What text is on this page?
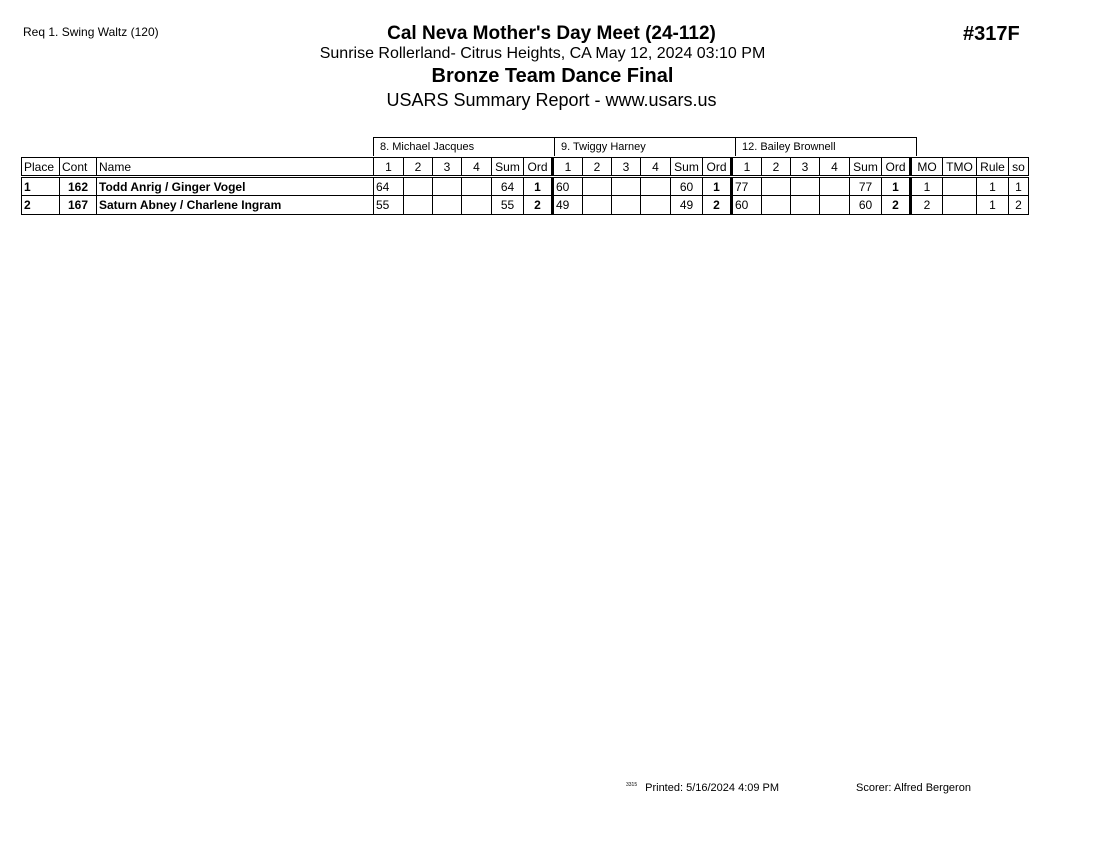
Req 1. Swing Waltz (120)	Cal Neva Mother's Day Meet (24-112)
Sunrise Rollerland- Citrus Heights, CA May 12, 2024 03:10 PM
Bronze Team Dance Final
USARS Summary Report - www.usars.us
#317F
8. Michael Jacques	9. Twiggy Harney	12. Bailey Brownell
Place	Cont	Name	1	2	3	4	Sum	Ord	1	2	3	4	Sum	Ord	1	2	3	4	Sum	Ord	MO	TMO	Rule	so
1	162	Todd Anrig / Ginger Vogel	64				64	1	60				60	1	77				77	1	1		1	1
2	167	Saturn Abney / Charlene Ingram	55				55	2	49				49	2	60				60	2	2		1	2
$^{3315}$ Printed: 5/16/2024 4:09 PM	Scorer: Alfred Bergeron
